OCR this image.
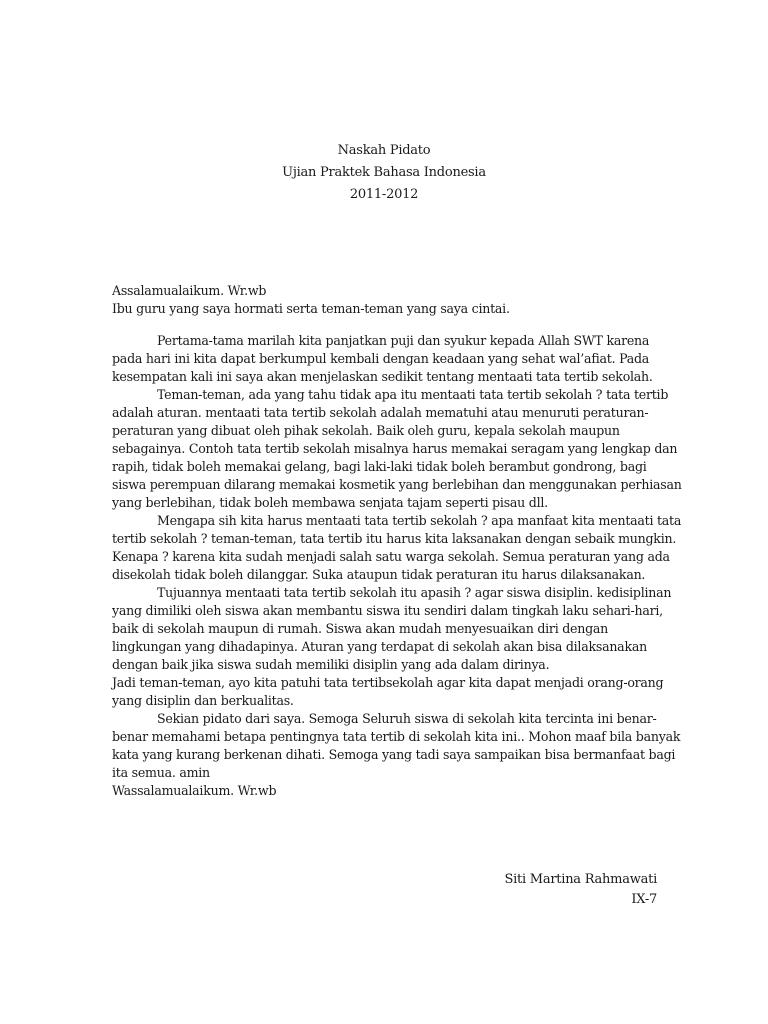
Naskah Pidato
Ujian Praktek Bahasa Indonesia
2011-2012
Assalamualaikum. Wr.wb
Ibu guru yang saya hormati serta teman-teman yang saya cintai.
Pertama-tama marilah kita panjatkan puji dan syukur kepada Allah SWT karena
pada hari ini kita dapat berkumpul kembali dengan keadaan yang sehat wal’afiat. Pada
kesempatan kali ini saya akan menjelaskan sedikit tentang mentaati tata tertib sekolah.
Teman-teman, ada yang tahu tidak apa itu mentaati tata tertib sekolah ? tata tertib
adalah aturan. mentaati tata tertib sekolah adalah mematuhi atau menuruti peraturan-
peraturan yang dibuat oleh pihak sekolah. Baik oleh guru, kepala sekolah maupun
sebagainya. Contoh tata tertib sekolah misalnya harus memakai seragam yang lengkap dan
rapih, tidak boleh memakai gelang, bagi laki-laki tidak boleh berambut gondrong, bagi
siswa perempuan dilarang memakai kosmetik yang berlebihan dan menggunakan perhiasan
yang berlebihan, tidak boleh membawa senjata tajam seperti pisau dll.
Mengapa sih kita harus mentaati tata tertib sekolah ? apa manfaat kita mentaati tata
tertib sekolah ? teman-teman, tata tertib itu harus kita laksanakan dengan sebaik mungkin.
Kenapa ? karena kita sudah menjadi salah satu warga sekolah. Semua peraturan yang ada
disekolah tidak boleh dilanggar. Suka ataupun tidak peraturan itu harus dilaksanakan.
Tujuannya mentaati tata tertib sekolah itu apasih ? agar siswa disiplin. kedisiplinan
yang dimiliki oleh siswa akan membantu siswa itu sendiri dalam tingkah laku sehari-hari,
baik di sekolah maupun di rumah. Siswa akan mudah menyesuaikan diri dengan
lingkungan yang dihadapinya. Aturan yang terdapat di sekolah akan bisa dilaksanakan
dengan baik jika siswa sudah memiliki disiplin yang ada dalam dirinya.
Jadi teman-teman, ayo kita patuhi tata tertibsekolah agar kita dapat menjadi orang-orang
yang disiplin dan berkualitas.
Sekian pidato dari saya. Semoga Seluruh siswa di sekolah kita tercinta ini benar-
benar memahami betapa pentingnya tata tertib di sekolah kita ini.. Mohon maaf bila banyak
kata yang kurang berkenan dihati. Semoga yang tadi saya sampaikan bisa bermanfaat bagi
ita semua. amin
Wassalamualaikum. Wr.wb
Siti Martina Rahmawati
IX-7
